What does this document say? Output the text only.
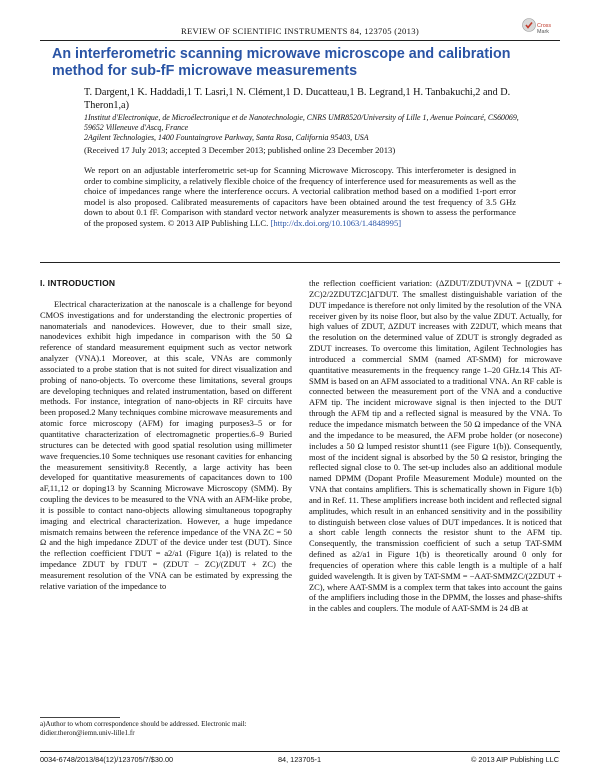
REVIEW OF SCIENTIFIC INSTRUMENTS 84, 123705 (2013)	Cross
Mark
An interferometric scanning microwave microscope and calibration method for sub-fF microwave measurements
T. Dargent,1 K. Haddadi,1 T. Lasri,1 N. Clément,1 D. Ducatteau,1 B. Legrand,1 H. Tanbakuchi,2 and D. Theron1,a)
1Institut d'Electronique, de Microélectronique et de Nanotechnologie, CNRS UMR8520/University of Lille 1, Avenue Poincaré, CS60069, 59652 Villeneuve d'Ascq, France
2Agilent Technologies, 1400 Fountaingrove Parkway, Santa Rosa, California 95403, USA
(Received 17 July 2013; accepted 3 December 2013; published online 23 December 2013)
We report on an adjustable interferometric set-up for Scanning Microwave Microscopy. This interferometer is designed in order to combine simplicity, a relatively flexible choice of the frequency of interference used for measurements as well as the choice of impedances range where the interference occurs. A vectorial calibration method based on a modified 1-port error model is also proposed. Calibrated measurements of capacitors have been obtained around the test frequency of 3.5 GHz down to about 0.1 fF. Comparison with standard vector network analyzer measurements is shown to assess the performance of the proposed system. © 2013 AIP Publishing LLC. [http://dx.doi.org/10.1063/1.4848995]
I. INTRODUCTION

Electrical characterization at the nanoscale is a challenge for beyond CMOS investigations and for understanding the electronic properties of nanomaterials and nanodevices. However, due to their small size, nanodevices exhibit high impedance in comparison with the 50 Ω reference of standard measurement equipment such as vector network analyzer (VNA).1 Moreover, at this scale, VNAs are commonly associated to a probe station that is not suited for direct visualization and probing of nano-objects. To overcome these limitations, several groups are developing techniques and related instrumentation, based on different methods. For instance, integration of nano-objects in RF circuits have been proposed.2 Many techniques combine microwave measurements and atomic force microscopy (AFM) for imaging purposes3–5 or for quantitative characterization of electromagnetic properties.6–9 Buried structures can be detected with good spatial resolution using millimeter wave frequencies.10 Some techniques use resonant cavities for enhancing the measurement sensitivity.8 Recently, a large activity has been developed for quantitative measurements of capacitances down to 100 aF,11,12 or doping13 by Scanning Microwave Microscopy (SMM). By coupling the devices to be measured to the VNA with an AFM-like probe, it is possible to contact nano-objects allowing simultaneous topography imaging and electrical characterization. However, a huge impedance mismatch remains between the reference impedance of the VNA ZC = 50 Ω and the high impedance ZDUT of the device under test (DUT). Since the reflection coefficient ΓDUT = a2/a1 (Figure 1(a)) is related to the impedance ZDUT by ΓDUT = (ZDUT − ZC)/(ZDUT + ZC) the measurement resolution of the VNA can be estimated by expressing the relative variation of the impedance to

the reflection coefficient variation: (ΔZDUT/ZDUT)VNA = [(ZDUT + ZC)2/2ZDUTZC]ΔΓDUT. The smallest distinguishable variation of the DUT impedance is therefore not only limited by the resolution of the VNA receiver given by its noise floor, but also by the value ZDUT. Actually, for high values of ZDUT, ΔZDUT increases with Z2DUT, which means that the resolution on the determined value of ZDUT is strongly degraded as ZDUT increases. To overcome this limitation, Agilent Technologies has introduced a commercial SMM (named AT-SMM) for microwave quantitative measurements in the frequency range 1–20 GHz.14 This AT-SMM is based on an AFM associated to a traditional VNA. An RF cable is connected between the measurement port of the VNA and a conductive AFM tip. The incident microwave signal is then injected to the DUT through the AFM tip and a reflected signal is measured by the VNA. To reduce the impedance mismatch between the 50 Ω impedance of the VNA and the impedance to be measured, the AFM probe holder (or nosecone) includes a 50 Ω lumped resistor shunt11 (see Figure 1(b)). Consequently, most of the incident signal is absorbed by the 50 Ω resistor, bringing the reflected signal close to 0. The set-up includes also an additional module named DPMM (Dopant Profile Measurement Module) mounted on the VNA that contains amplifiers. This is schematically shown in Figure 1(b) and in Ref. 11. These amplifiers increase both incident and reflected signal amplitudes, which result in an enhanced sensitivity and in the possibility to distinguish between close values of DUT impedances. It is noticed that a short cable length connects the resistor shunt to the AFM tip. Consequently, the transmission coefficient of such a setup TAT-SMM defined as a2/a1 in Figure 1(b) is theoretically around 0 only for frequencies of operation where this cable length is a multiple of a half guided wavelength. It is given by TAT-SMM = −AAT-SMMZC/(2ZDUT + ZC), where AAT-SMM is a complex term that takes into account the gains of the amplifiers including those in the DPMM, the losses and phase-shifts in the cables and couplers. The module of AAT-SMM is 24 dB at

a)Author to whom correspondence should be addressed. Electronic mail: didier.theron@iemn.univ-lille1.fr
0034-6748/2013/84(12)/123705/7/$30.00	84, 123705-1	© 2013 AIP Publishing LLC
